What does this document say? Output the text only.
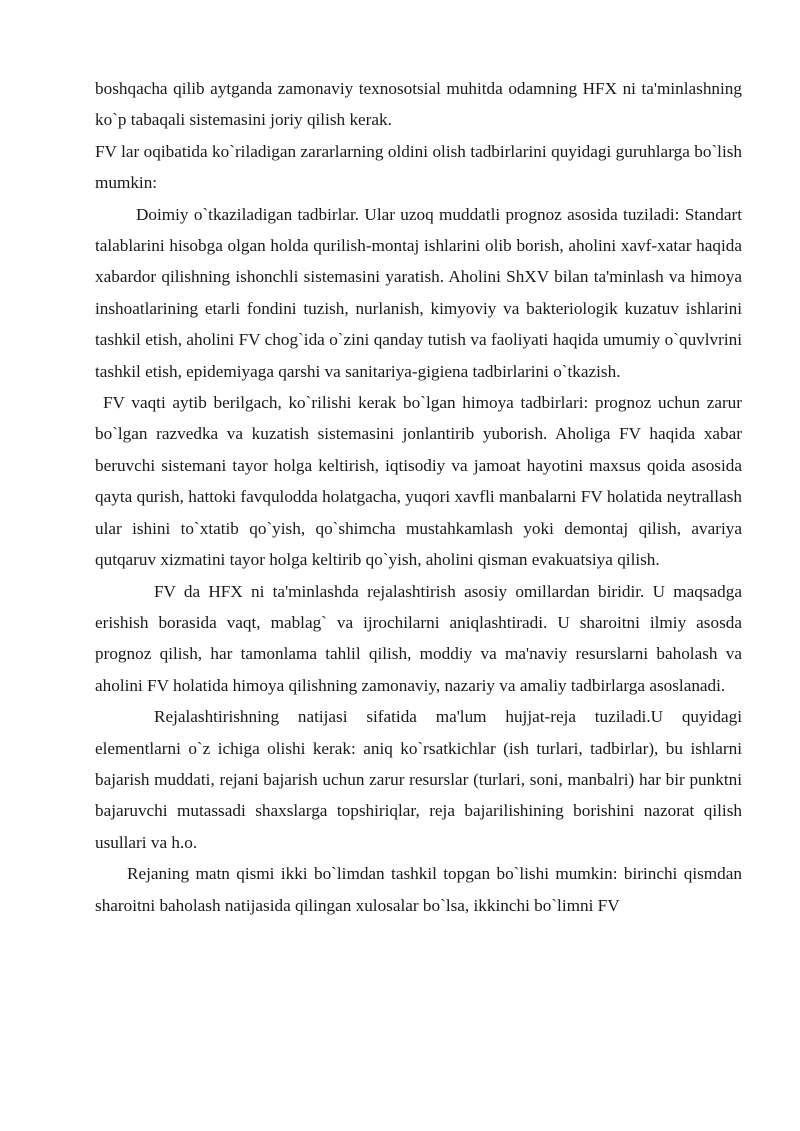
boshqacha qilib aytganda zamonaviy texnosotsial muhitda odamning HFX ni ta'minlashning ko`p tabaqali sistemasini joriy qilish kerak.

FV lar oqibatida ko`riladigan zararlarning oldini olish tadbirlarini quyidagi guruhlarga bo`lish mumkin:

Doimiy o`tkaziladigan tadbirlar. Ular uzoq muddatli prognoz asosida tuziladi: Standart talablarini hisobga olgan holda qurilish-montaj ishlarini olib borish, aholini xavf-xatar haqida xabardor qilishning ishonchli sistemasini yaratish. Aholini ShXV bilan ta'minlash va himoya inshoatlarining etarli fondini tuzish, nurlanish, kimyoviy va bakteriologik kuzatuv ishlarini tashkil etish, aholini FV chog`ida o`zini qanday tutish va faoliyati haqida umumiy o`quvlvrini tashkil etish, epidemiyaga qarshi va sanitariya-gigiena tadbirlarini o`tkazish.

FV vaqti aytib berilgach, ko`rilishi kerak bo`lgan himoya tadbirlari: prognoz uchun zarur bo`lgan razvedka va kuzatish sistemasini jonlantirib yuborish. Aholiga FV haqida xabar beruvchi sistemani tayor holga keltirish, iqtisodiy va jamoat hayotini maxsus qoida asosida qayta qurish, hattoki favqulodda holatgacha, yuqori xavfli manbalarni FV holatida neytrallash ular ishini to`xtatib qo`yish, qo`shimcha mustahkamlash yoki demontaj qilish, avariya qutqaruv xizmatini tayor holga keltirib qo`yish, aholini qisman evakuatsiya qilish.

FV da HFX ni ta'minlashda rejalashtirish asosiy omillardan biridir. U maqsadga erishish borasida vaqt, mablag` va ijrochilarni aniqlashtiradi. U sharoitni ilmiy asosda prognoz qilish, har tamonlama tahlil qilish, moddiy va ma'naviy resurslarni baholash va aholini FV holatida himoya qilishning zamonaviy, nazariy va amaliy tadbirlarga asoslanadi.

Rejalashtirishning natijasi sifatida ma'lum hujjat-reja tuziladi.U quyidagi elementlarni o`z ichiga olishi kerak: aniq ko`rsatkichlar (ish turlari, tadbirlar), bu ishlarni bajarish muddati, rejani bajarish uchun zarur resurslar (turlari, soni, manbalri) har bir punktni bajaruvchi mutassadi shaxslarga topshiriqlar, reja bajarilishining borishini nazorat qilish usullari va h.o.

Rejaning matn qismi ikki bo`limdan tashkil topgan bo`lishi mumkin: birinchi qismdan sharoitni baholash natijasida qilingan xulosalar bo`lsa, ikkinchi bo`limni FV
